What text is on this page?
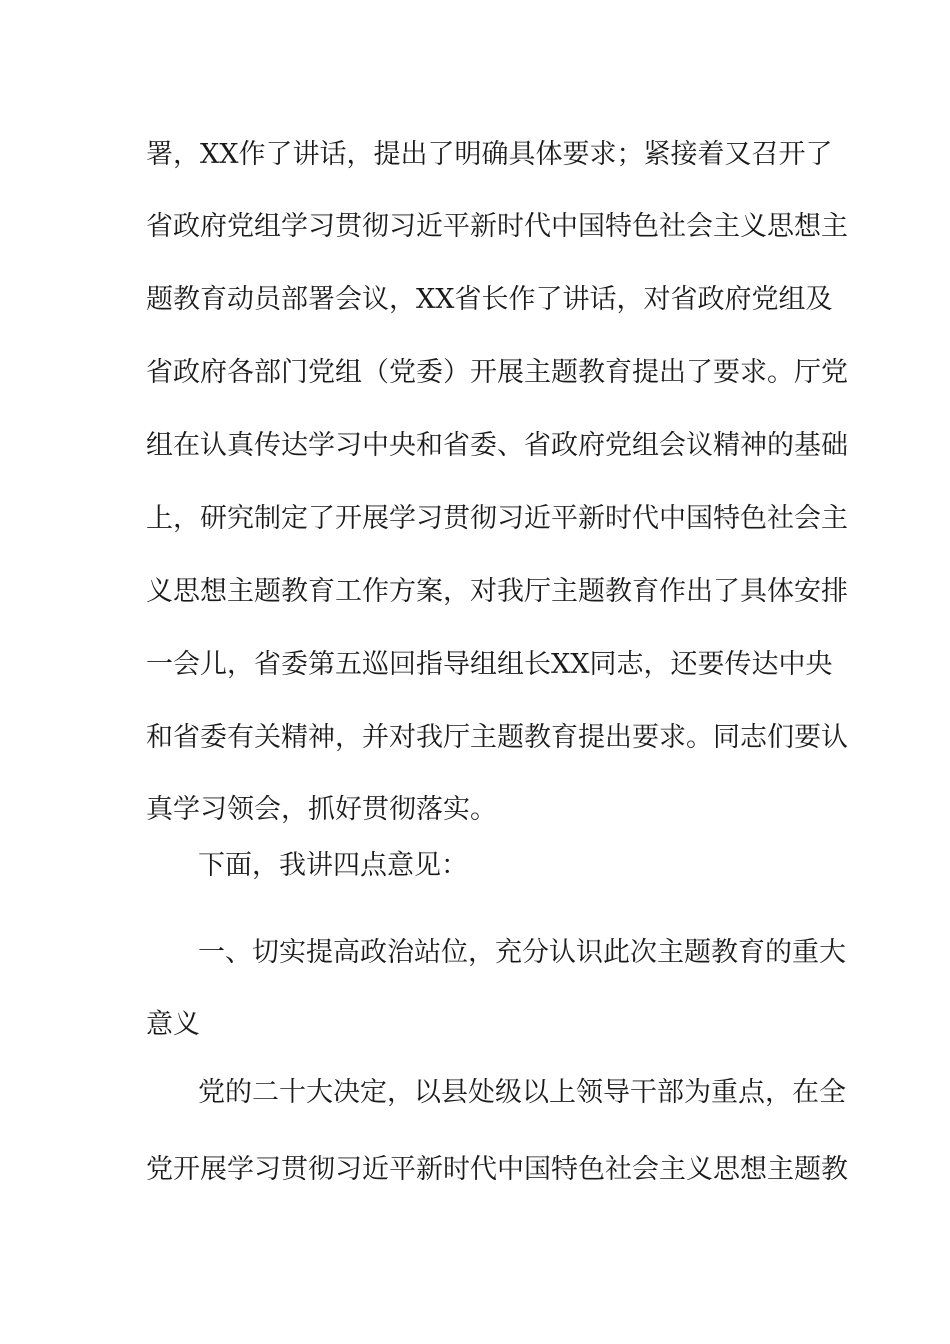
署，XX作了讲话，提出了明确具体要求；紧接着又召开了
省政府党组学习贯彻习近平新时代中国特色社会主义思想主
题教育动员部署会议，XX省长作了讲话，对省政府党组及
省政府各部门党组（党委）开展主题教育提出了要求。厅党
组在认真传达学习中央和省委、省政府党组会议精神的基础
上，研究制定了开展学习贯彻习近平新时代中国特色社会主
义思想主题教育工作方案，对我厅主题教育作出了具体安排
一会儿，省委第五巡回指导组组长XX同志，还要传达中央
和省委有关精神，并对我厅主题教育提出要求。同志们要认
真学习领会，抓好贯彻落实。
下面，我讲四点意见：
一、切实提高政治站位，充分认识此次主题教育的重大
意义
党的二十大决定，以县处级以上领导干部为重点，在全
党开展学习贯彻习近平新时代中国特色社会主义思想主题教
